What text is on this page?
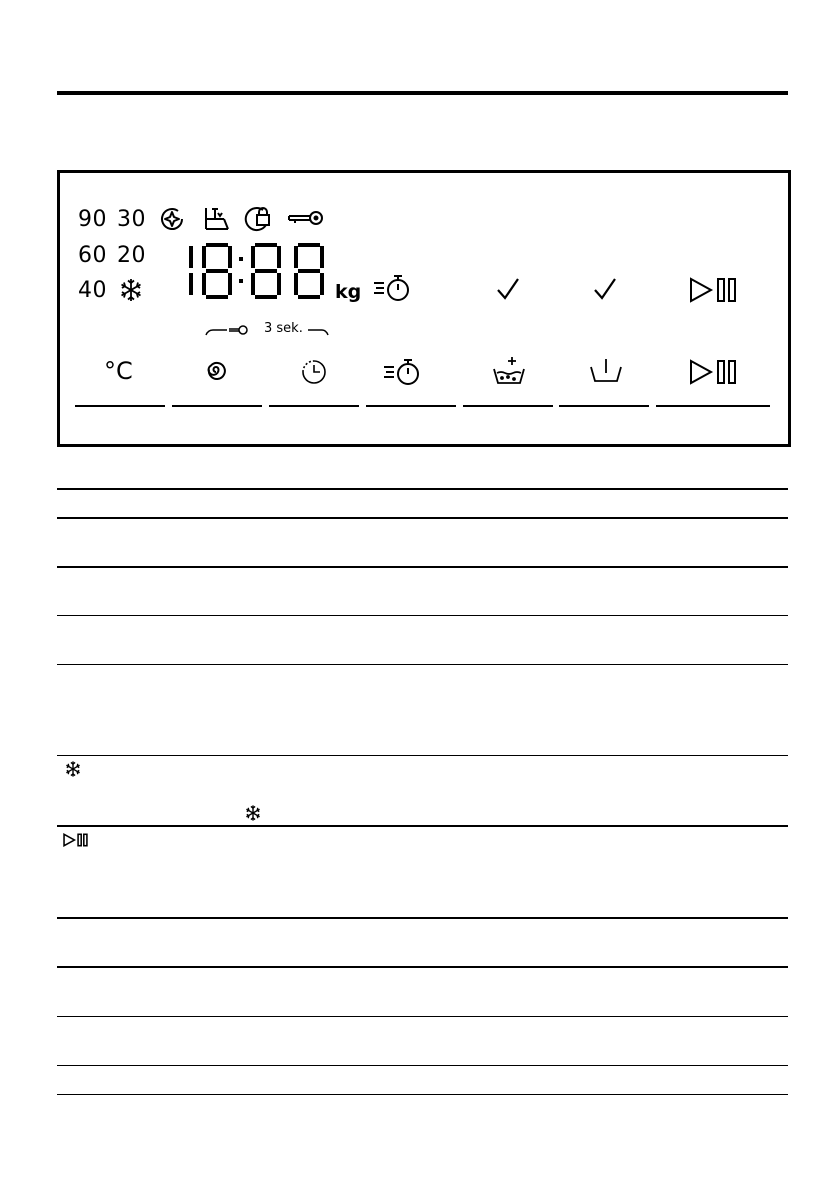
90 30
60 20
40	kg
3 sek.
°C
